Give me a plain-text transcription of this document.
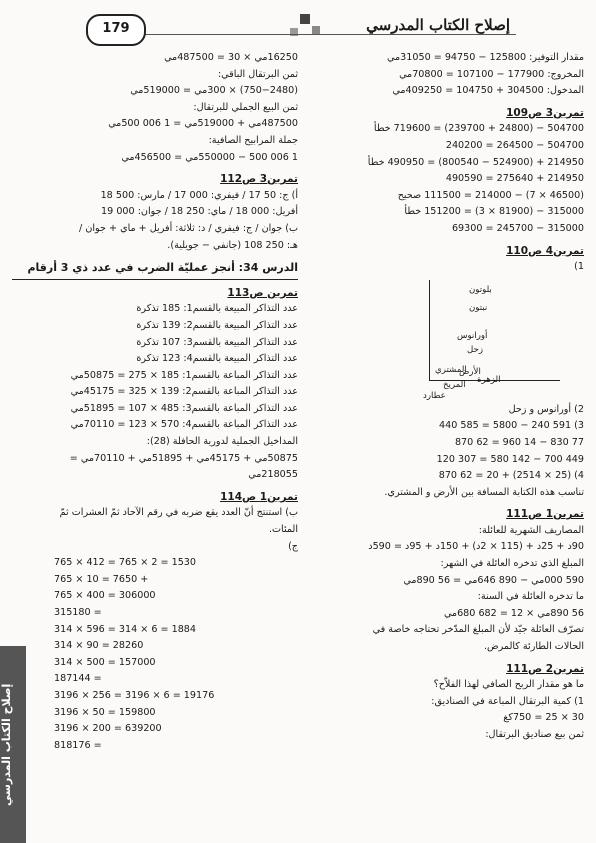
إصلاح الكتاب المدرسي
179
مقدار التوفير: 125800 − 94750 = 31050مي
المخروج: 177900 − 107100 = 70800مي
المدخول: 304500 + 104750 = 409250مي
تمرين3 ص109
504700 − (24800 + 239700) = 719600 خطأ
504700 − 264500 = 240200
214950 + (524900 − 800540) = 490950 خطأ
214950 + 275640 = 490590
(46500 × 7) − 214000 = 111500 صحيح
315000 − (81900 × 3) = 151200 خطأ
315000 − 245700 = 69300
تمرين4 ص110
1)
بلوتون
نبتون
أورانوس
زحل
المشتري
الأرض
الزهرة
المريخ
عطارد
2) أورانوس و زحل
3) 591 240 − 5800 = 585 440
77 830 − 14 960 = 62 870
449 700 − 142 580 = 307 120
4) (25 × 2514) + 20 = 62 870
تناسب هذه الكتابة المسافة بين الأرض و المشتري.
تمرين1 ص111
المصاريف الشهرية للعائلة:
90د + 25د + (115 × 2د) + 150د + 95د = 590د
المبلغ الذي تدخره العائلة في الشهر:
590 000مي − 890 646مي = 56 890مي
ما تدخره العائلة في السنة:
56 890مي × 12 = 682 680مي
تصرّف العائلة جيّد لأن المبلغ المدّخر تحتاجه خاصة في
الحالات الطارئة كالمرض.
تمرين2 ص111
ما هو مقدار الربح الصافي لهذا الفلاّح؟
1) كمية البرتقال المباعة في الصناديق:
30 × 25 = 750كغ
ثمن بيع صناديق البرتقال:
16250مي × 30 = 487500مي
ثمن البرتقال الباقي:
(750−2480) × 300مي = 519000مي
ثمن البيع الجملي للبرتقال:
487500مي + 519000مي = 1 006 500مي
جملة المرابيح الصافية:
1 006 500 − 550000مي = 456500مي
تمرين3 ص112
أ) ج: 50 17 / فيفري: 000 17 / مارس: 500 18
أفريل: 000 18 / ماي: 250 18 / جوان: 000 19
ب) جوان / ج: فيفري / د: ثلاثة: أفريل + ماي + جوان /
هـ: 250 108 (جانفي − جويلية).
الدرس 34: أنجز عمليّة الضرب في عدد ذي 3 أرقام
تمرين ص113
عدد التذاكر المبيعة بالقسم1: 185 تذكرة
عدد التذاكر المبيعة بالقسم2: 139 تذكرة
عدد التذاكر المبيعة بالقسم3: 107 تذكرة
عدد التذاكر المبيعة بالقسم4: 123 تذكرة
عدد التذاكر المباعة بالقسم1: 185 × 275 = 50875مي
عدد التذاكر المباعة بالقسم2: 139 × 325 = 45175مي
عدد التذاكر المباعة بالقسم3: 485 × 107 = 51895مي
عدد التذاكر المباعة بالقسم4: 570 × 123 = 70110مي
المداخيل الجملية لدورية الحافلة (28):
50875مي + 45175مي + 51895مي + 70110مي =
218055مي
تمرين1 ص114
ب) استنتج أنّ العدد يقع ضربه في رقم الآحاد ثمّ العشرات ثمّ
المئات.
ج)
765 × 412 = 765 × 2 = 1530
765 × 10 = 7650 +
765 × 400 = 306000
315180 =
314 × 596 = 314 × 6 = 1884
314 × 90 = 28260
314 × 500 = 157000
187144 =
3196 × 256 = 3196 × 6 = 19176
3196 × 50 = 159800
3196 × 200 = 639200
818176 =
إصلاح الكتاب المدرسي
